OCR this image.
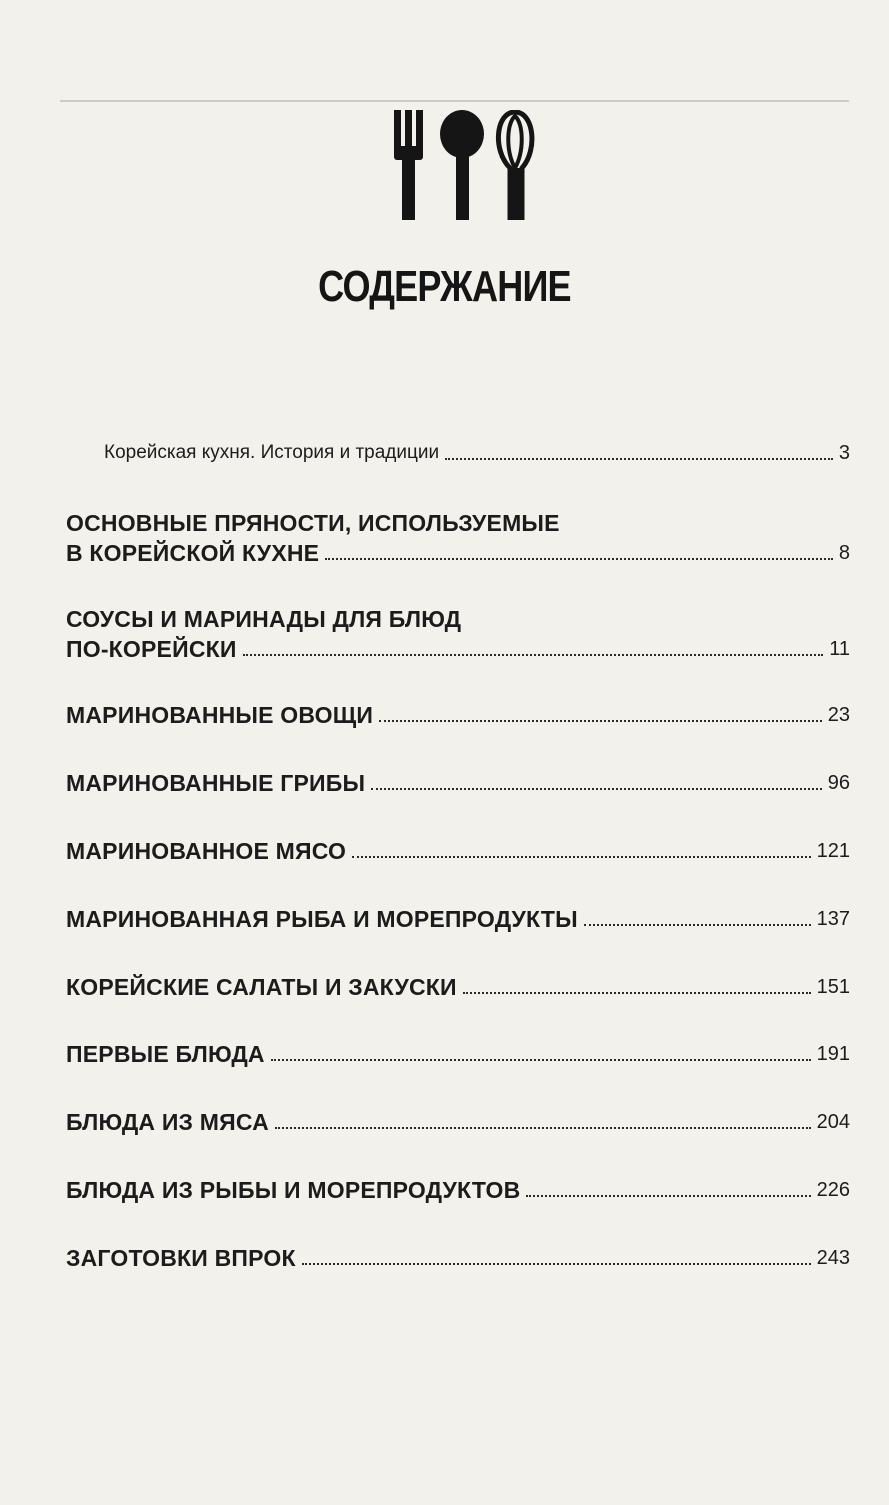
СОДЕРЖАНИЕ
Корейская кухня. История и традиции	3
ОСНОВНЫЕ ПРЯНОСТИ, ИСПОЛЬЗУЕМЫЕ
В КОРЕЙСКОЙ КУХНЕ	8
СОУСЫ И МАРИНАДЫ ДЛЯ БЛЮД
ПО-КОРЕЙСКИ	11
МАРИНОВАННЫЕ ОВОЩИ	23
МАРИНОВАННЫЕ ГРИБЫ	96
МАРИНОВАННОЕ МЯСО	121
МАРИНОВАННАЯ РЫБА И МОРЕПРОДУКТЫ	137
КОРЕЙСКИЕ САЛАТЫ И ЗАКУСКИ	151
ПЕРВЫЕ БЛЮДА	191
БЛЮДА ИЗ МЯСА	204
БЛЮДА ИЗ РЫБЫ И МОРЕПРОДУКТОВ	226
ЗАГОТОВКИ ВПРОК	243
